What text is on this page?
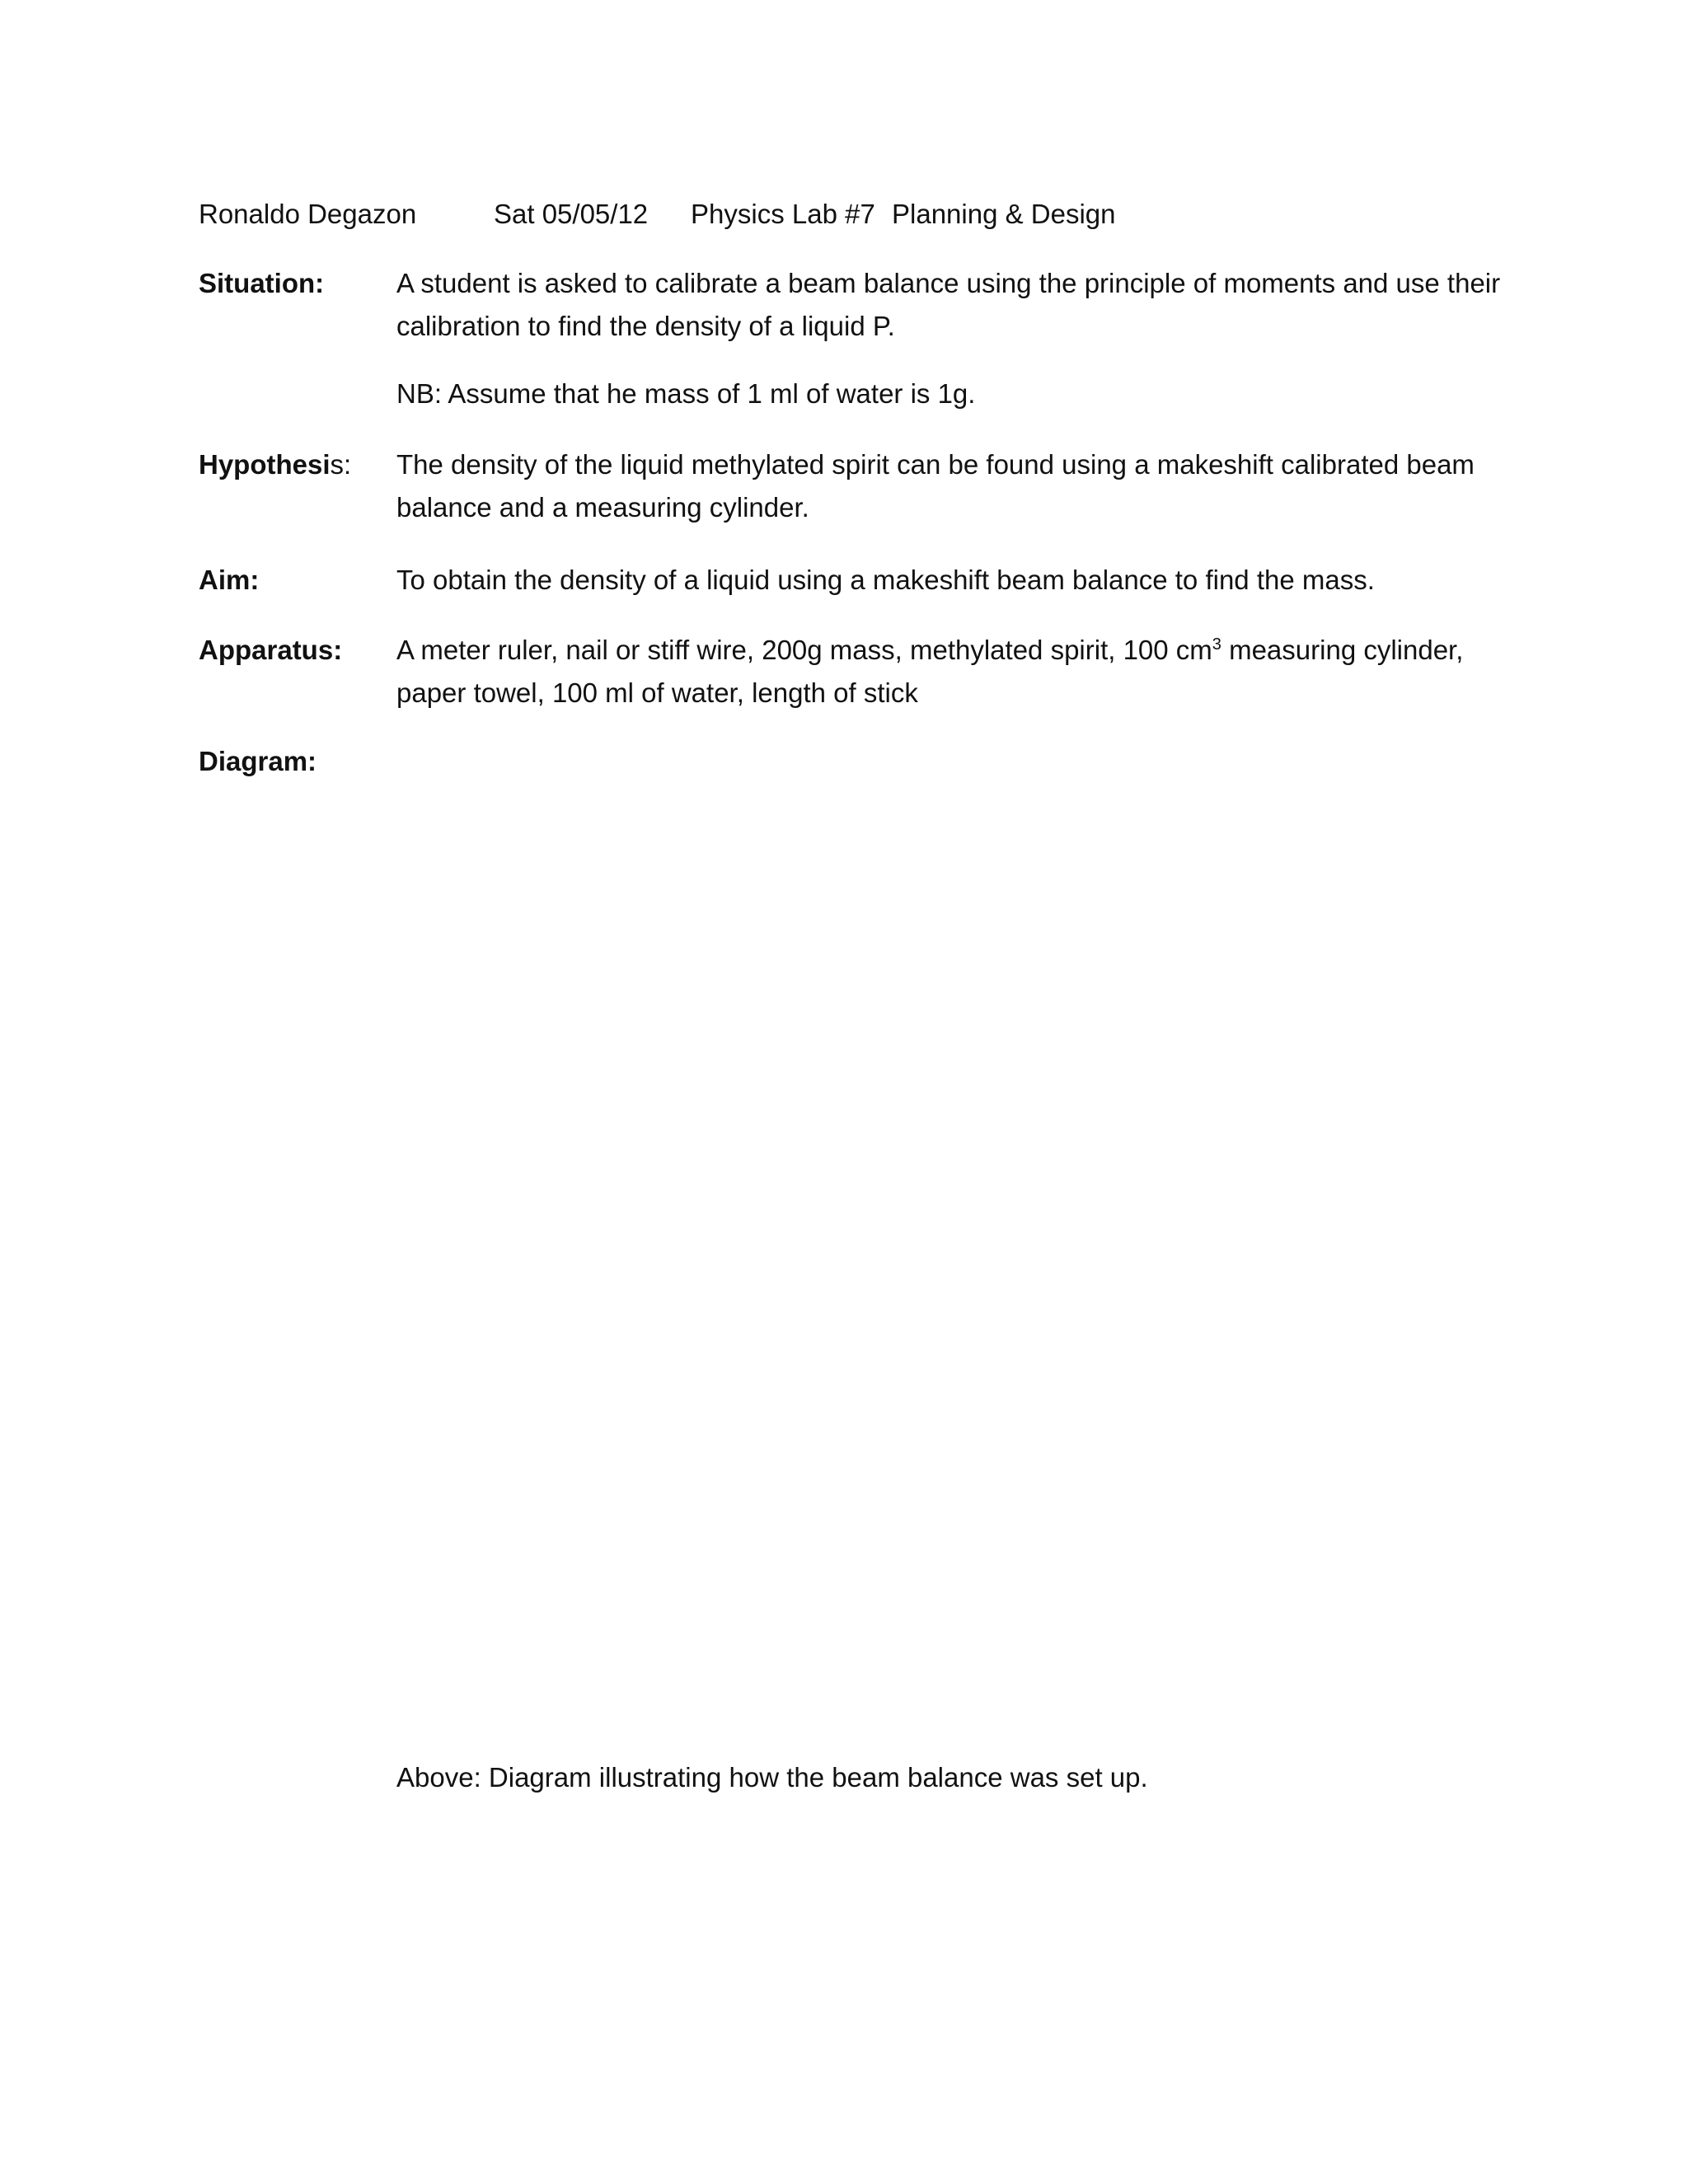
Ronaldo Degazon	Sat 05/05/12 Physics Lab #7 Planning & Design
Situation:	A student is asked to calibrate a beam balance using the principle of moments and use their calibration to find the density of a liquid P.

NB: Assume that he mass of 1 ml of water is 1g.

Hypothesis: The density of the liquid methylated spirit can be found using a makeshift calibrated beam balance and a measuring cylinder.

Aim:	To obtain the density of a liquid using a makeshift beam balance to find the mass.

Apparatus: A meter ruler, nail or stiff wire, 200g mass, methylated spirit, 100 $cm^3$ measuring cylinder, paper towel, 100 ml of water, length of stick

Diagram:
Above: Diagram illustrating how the beam balance was set up.
